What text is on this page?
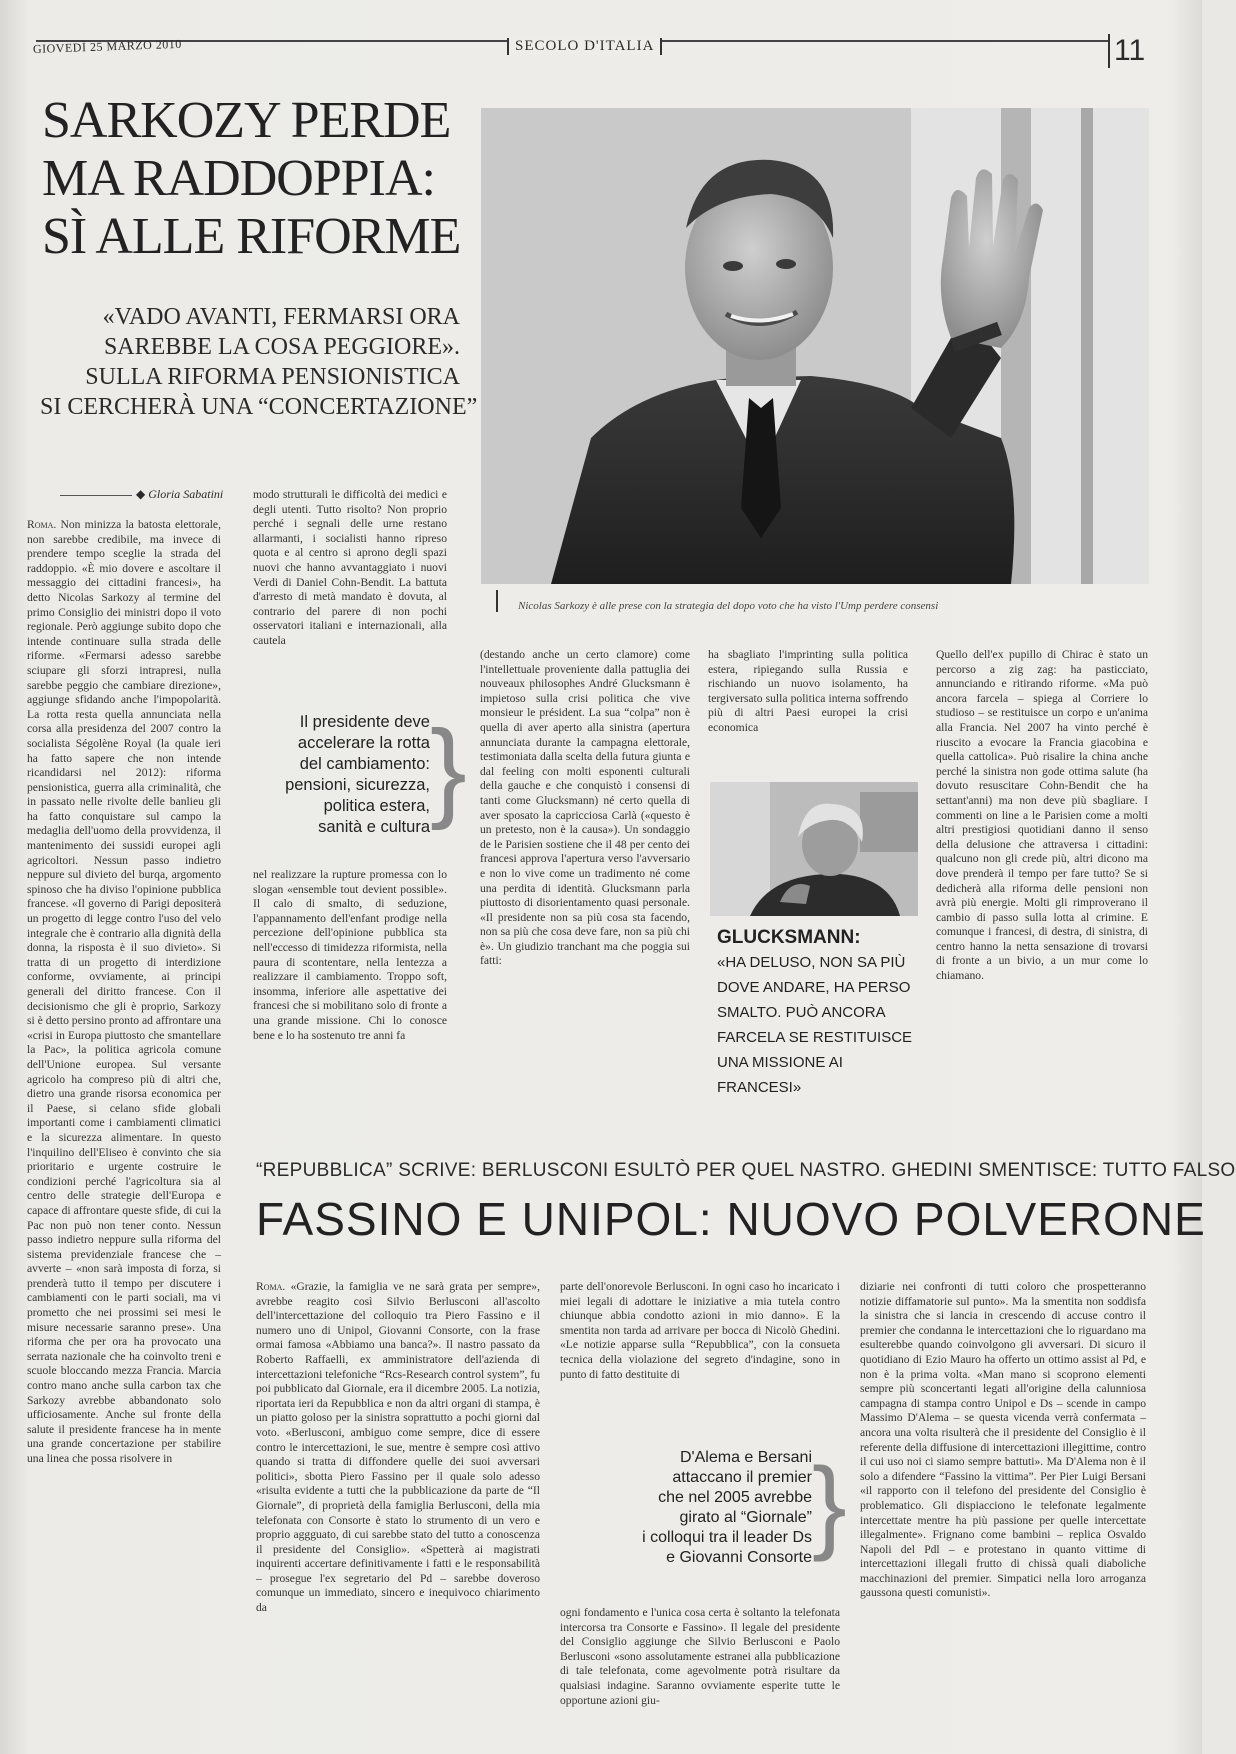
GIOVEDÌ 25 MARZO 2010	SECOLO D'ITALIA	11
SARKOZY PERDE
MA RADDOPPIA:
SÌ ALLE RIFORME
«VADO AVANTI, FERMARSI ORA
SAREBBE LA COSA PEGGIORE».
SULLA RIFORMA PENSIONISTICA
SI CERCHERÀ UNA “CONCERTAZIONE”
Nicolas Sarkozy è alle prese con la strategia del dopo voto che ha visto l'Ump perdere consensi
◆ Gloria Sabatini

Roma. Non minizza la batosta elettorale, non sarebbe credibile, ma invece di prendere tempo sceglie la strada del raddoppio. «È mio dovere e ascoltare il messaggio dei cittadini francesi», ha detto Nicolas Sarkozy al termine del primo Consiglio dei ministri dopo il voto regionale. Però aggiunge subito dopo che intende continuare sulla strada delle riforme. «Fermarsi adesso sarebbe sciupare gli sforzi intrapresi, nulla sarebbe peggio che cambiare direzione», aggiunge sfidando anche l'impopolarità. La rotta resta quella annunciata nella corsa alla presidenza del 2007 contro la socialista Ségolène Royal (la quale ieri ha fatto sapere che non intende ricandidarsi nel 2012): riforma pensionistica, guerra alla criminalità, che in passato nelle rivolte delle banlieu gli ha fatto conquistare sul campo la medaglia dell'uomo della provvidenza, il mantenimento dei sussidi europei agli agricoltori. Nessun passo indietro neppure sul divieto del burqa, argomento spinoso che ha diviso l'opinione pubblica francese. «Il governo di Parigi depositerà un progetto di legge contro l'uso del velo integrale che è contrario alla dignità della donna, la risposta è il suo divieto». Si tratta di un progetto di interdizione conforme, ovviamente, ai principi generali del diritto francese. Con il decisionismo che gli è proprio, Sarkozy si è detto persino pronto ad affrontare una «crisi in Europa piuttosto che smantellare la Pac», la politica agricola comune dell'Unione europea. Sul versante agricolo ha compreso più di altri che, dietro una grande risorsa economica per il Paese, si celano sfide globali importanti come i cambiamenti climatici e la sicurezza alimentare. In questo l'inquilino dell'Eliseo è convinto che sia prioritario e urgente costruire le condizioni perché l'agricoltura sia al centro delle strategie dell'Europa e capace di affrontare queste sfide, di cui la Pac non può non tener conto. Nessun passo indietro neppure sulla riforma del sistema previdenziale francese che – avverte – «non sarà imposta di forza, si prenderà tutto il tempo per discutere i cambiamenti con le parti sociali, ma vi prometto che nei prossimi sei mesi le misure necessarie saranno prese». Una riforma che per ora ha provocato una serrata nazionale che ha coinvolto treni e scuole bloccando mezza Francia. Marcia contro mano anche sulla carbon tax che Sarkozy avrebbe abbandonato solo ufficiosamente. Anche sul fronte della salute il presidente francese ha in mente una grande concertazione per stabilire una linea che possa risolvere in

modo strutturali le difficoltà dei medici e degli utenti. Tutto risolto? Non proprio perché i segnali delle urne restano allarmanti, i socialisti hanno ripreso quota e al centro si aprono degli spazi nuovi che hanno avvantaggiato i nuovi Verdi di Daniel Cohn-Bendit. La battuta d'arresto di metà mandato è dovuta, al contrario del parere di non pochi osservatori italiani e internazionali, alla cautela

Il presidente deve
accelerare la rotta
del cambiamento:
pensioni, sicurezza,
politica estera,
sanità e cultura }

nel realizzare la rupture promessa con lo slogan «ensemble tout devient possible». Il calo di smalto, di seduzione, l'appannamento dell'enfant prodige nella percezione dell'opinione pubblica sta nell'eccesso di timidezza riformista, nella paura di scontentare, nella lentezza a realizzare il cambiamento. Troppo soft, insomma, inferiore alle aspettative dei francesi che si mobilitano solo di fronte a una grande missione. Chi lo conosce bene e lo ha sostenuto tre anni fa

(destando anche un certo clamore) come l'intellettuale proveniente dalla pattuglia dei nouveaux philosophes André Glucksmann è impietoso sulla crisi politica che vive monsieur le président. La sua “colpa” non è quella di aver aperto alla sinistra (apertura annunciata durante la campagna elettorale, testimoniata dalla scelta della futura giunta e dal feeling con molti esponenti culturali della gauche e che conquistò i consensi di tanti come Glucksmann) né certo quella di aver sposato la capricciosa Carlà («questo è un pretesto, non è la causa»). Un sondaggio de le Parisien sostiene che il 48 per cento dei francesi approva l'apertura verso l'avversario e non lo vive come un tradimento né come una perdita di identità. Glucksmann parla piuttosto di disorientamento quasi personale. «Il presidente non sa più cosa sta facendo, non sa più che cosa deve fare, non sa più chi è». Un giudizio tranchant ma che poggia sui fatti:

ha sbagliato l'imprinting sulla politica estera, ripiegando sulla Russia e rischiando un nuovo isolamento, ha tergiversato sulla politica interna soffrendo più di altri Paesi europei la crisi economica

GLUCKSMANN:
«HA DELUSO, NON SA PIÙ DOVE ANDARE, HA PERSO SMALTO. PUÒ ANCORA FARCELA SE RESTITUISCE UNA MISSIONE AI FRANCESI»

Quello dell'ex pupillo di Chirac è stato un percorso a zig zag: ha pasticciato, annunciando e ritirando riforme. «Ma può ancora farcela – spiega al Corriere lo studioso – se restituisce un corpo e un'anima alla Francia. Nel 2007 ha vinto perché è riuscito a evocare la Francia giacobina e quella cattolica». Può risalire la china anche perché la sinistra non gode ottima salute (ha dovuto resuscitare Cohn-Bendit che ha settant'anni) ma non deve più sbagliare. I commenti on line a le Parisien come a molti altri prestigiosi quotidiani danno il senso della delusione che attraversa i cittadini: qualcuno non gli crede più, altri dicono ma dove prenderà il tempo per fare tutto? Se si dedicherà alla riforma delle pensioni non avrà più energie. Molti gli rimproverano il cambio di passo sulla lotta al crimine. E comunque i francesi, di destra, di sinistra, di centro hanno la netta sensazione di trovarsi di fronte a un bivio, a un mur come lo chiamano.

“REPUBBLICA” SCRIVE: BERLUSCONI ESULTÒ PER QUEL NASTRO. GHEDINI SMENTISCE: TUTTO FALSO
FASSINO E UNIPOL: NUOVO POLVERONE

Roma. «Grazie, la famiglia ve ne sarà grata per sempre», avrebbe reagito così Silvio Berlusconi all'ascolto dell'intercettazione del colloquio tra Piero Fassino e il numero uno di Unipol, Giovanni Consorte, con la frase ormai famosa «Abbiamo una banca?». Il nastro passato da Roberto Raffaelli, ex amministratore dell'azienda di intercettazioni telefoniche “Rcs-Research control system”, fu poi pubblicato dal Giornale, era il dicembre 2005. La notizia, riportata ieri da Repubblica e non da altri organi di stampa, è un piatto goloso per la sinistra soprattutto a pochi giorni dal voto. «Berlusconi, ambiguo come sempre, dice di essere contro le intercettazioni, le sue, mentre è sempre così attivo quando si tratta di diffondere quelle dei suoi avversari politici», sbotta Piero Fassino per il quale solo adesso «risulta evidente a tutti che la pubblicazione da parte de “Il Giornale”, di proprietà della famiglia Berlusconi, della mia telefonata con Consorte è stato lo strumento di un vero e proprio aggguato, di cui sarebbe stato del tutto a conoscenza il presidente del Consiglio». «Spetterà ai magistrati inquirenti accertare definitivamente i fatti e le responsabilità – prosegue l'ex segretario del Pd – sarebbe doveroso comunque un immediato, sincero e inequivoco chiarimento da

parte dell'onorevole Berlusconi. In ogni caso ho incaricato i miei legali di adottare le iniziative a mia tutela contro chiunque abbia condotto azioni in mio danno». E la smentita non tarda ad arrivare per bocca di Nicolò Ghedini. «Le notizie apparse sulla “Repubblica”, con la consueta tecnica della violazione del segreto d'indagine, sono in punto di fatto destituite di

D'Alema e Bersani
attaccano il premier
che nel 2005 avrebbe
girato al “Giornale”
i colloqui tra il leader Ds
e Giovanni Consorte }

ogni fondamento e l'unica cosa certa è soltanto la telefonata intercorsa tra Consorte e Fassino». Il legale del presidente del Consiglio aggiunge che Silvio Berlusconi e Paolo Berlusconi «sono assolutamente estranei alla pubblicazione di tale telefonata, come agevolmente potrà risultare da qualsiasi indagine. Saranno ovviamente esperite tutte le opportune azioni giu-

diziarie nei confronti di tutti coloro che prospetteranno notizie diffamatorie sul punto». Ma la smentita non soddisfa la sinistra che si lancia in crescendo di accuse contro il premier che condanna le intercettazioni che lo riguardano ma esulterebbe quando coinvolgono gli avversari. Di sicuro il quotidiano di Ezio Mauro ha offerto un ottimo assist al Pd, e non è la prima volta. «Man mano si scoprono elementi sempre più sconcertanti legati all'origine della calunniosa campagna di stampa contro Unipol e Ds – scende in campo Massimo D'Alema – se questa vicenda verrà confermata – ancora una volta risulterà che il presidente del Consiglio è il referente della diffusione di intercettazioni illegittime, contro il cui uso noi ci siamo sempre battuti». Ma D'Alema non è il solo a difendere “Fassino la vittima”. Per Pier Luigi Bersani «il rapporto con il telefono del presidente del Consiglio è problematico. Gli dispiacciono le telefonate legalmente intercettate mentre ha più passione per quelle intercettate illegalmente». Frignano come bambini – replica Osvaldo Napoli del Pdl – e protestano in quanto vittime di intercettazioni illegali frutto di chissà quali diaboliche macchinazioni del premier. Simpatici nella loro arroganza gaussona questi comunisti».
